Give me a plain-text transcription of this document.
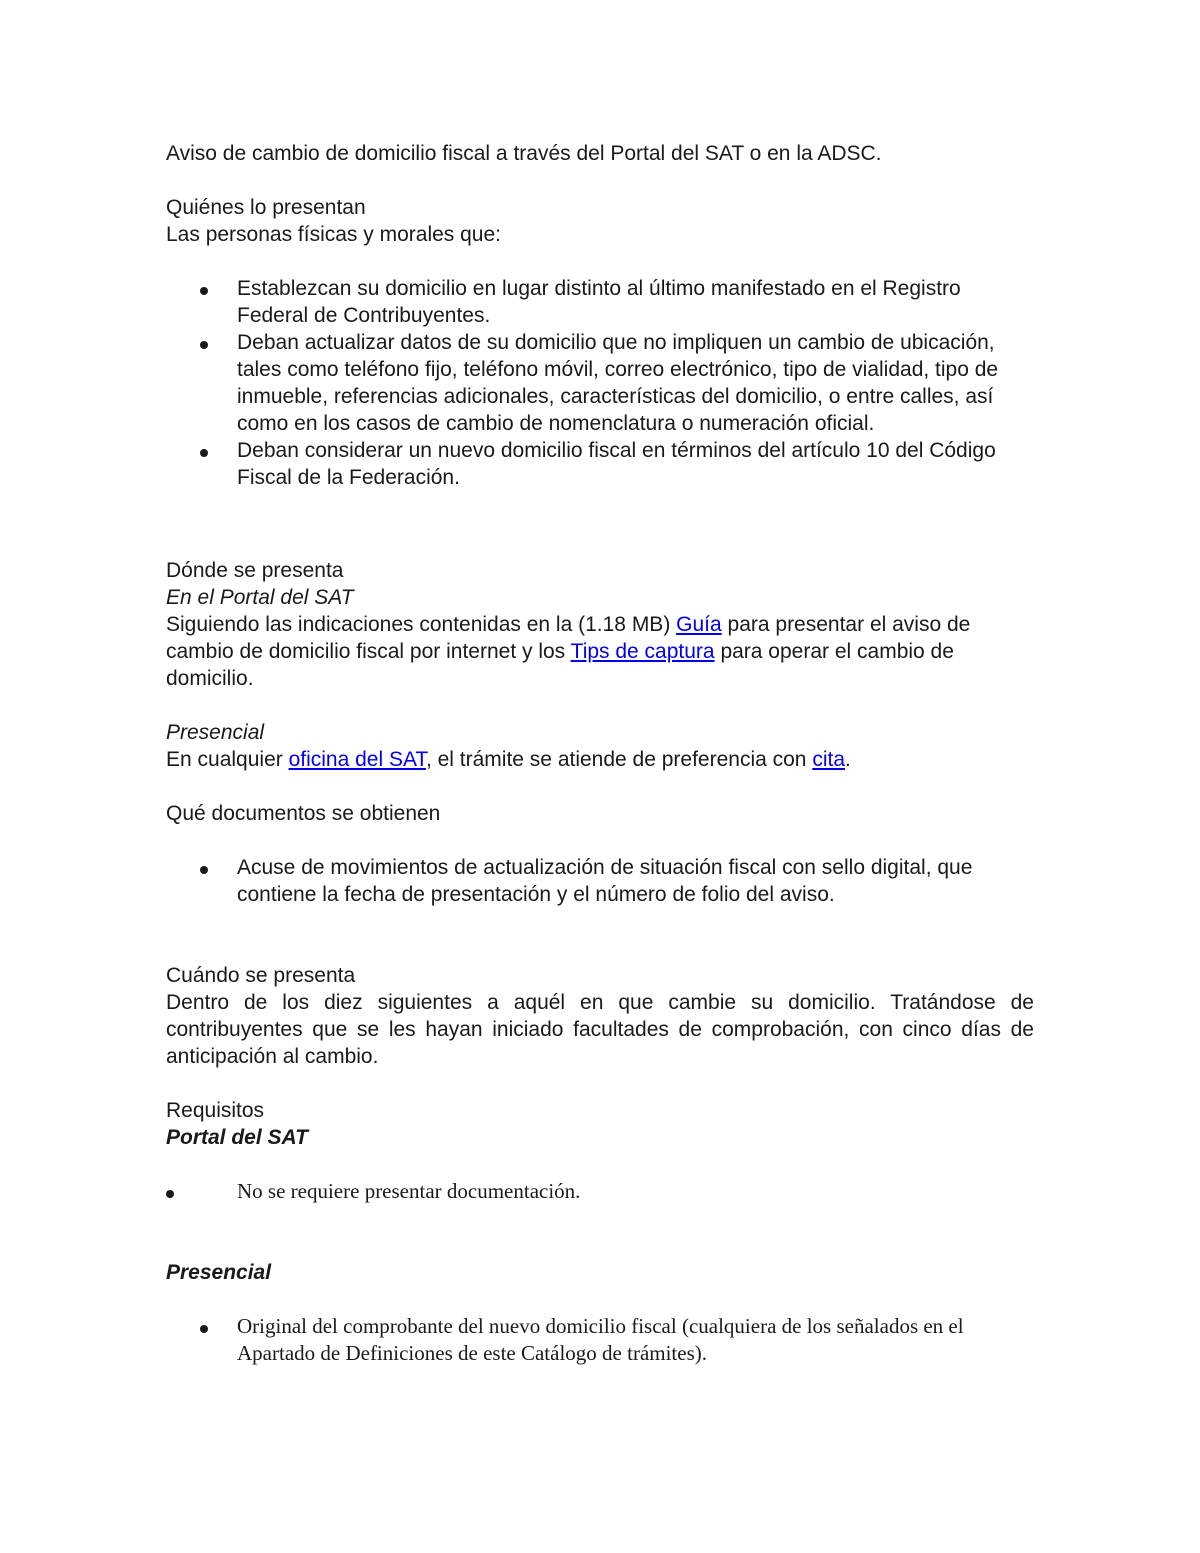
Aviso de cambio de domicilio fiscal a través del Portal del SAT o en la ADSC.

Quiénes lo presentan

Las personas físicas y morales que:

Establezcan su domicilio en lugar distinto al último manifestado en el Registro Federal de Contribuyentes.
Deban actualizar datos de su domicilio que no impliquen un cambio de ubicación, tales como teléfono fijo, teléfono móvil, correo electrónico, tipo de vialidad, tipo de inmueble, referencias adicionales, características del domicilio, o entre calles, así como en los casos de cambio de nomenclatura o numeración oficial.
Deban considerar un nuevo domicilio fiscal en términos del artículo 10 del Código Fiscal de la Federación.

Dónde se presenta

En el Portal del SAT

Siguiendo las indicaciones contenidas en la (1.18 MB) Guía para presentar el aviso de cambio de domicilio fiscal por internet y los Tips de captura para operar el cambio de domicilio.

Presencial

En cualquier oficina del SAT, el trámite se atiende de preferencia con cita.

Qué documentos se obtienen

Acuse de movimientos de actualización de situación fiscal con sello digital, que contiene la fecha de presentación y el número de folio del aviso.

Cuándo se presenta

Dentro de los diez siguientes a aquél en que cambie su domicilio. Tratándose de contribuyentes que se les hayan iniciado facultades de comprobación, con cinco días de anticipación al cambio.

Requisitos

Portal del SAT

No se requiere presentar documentación.

Presencial

Original del comprobante del nuevo domicilio fiscal (cualquiera de los señalados en el Apartado de Definiciones de este Catálogo de trámites).
